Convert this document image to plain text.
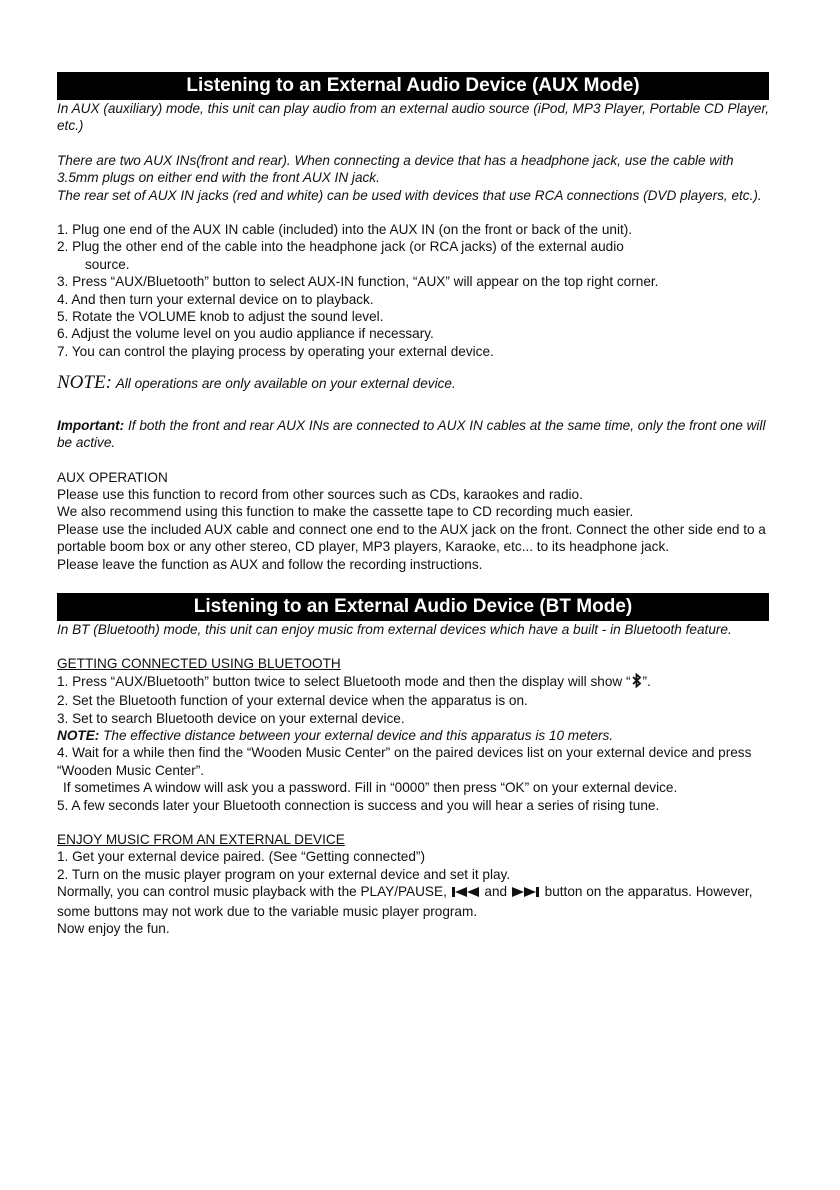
Listening to an External Audio Device (AUX Mode)

In AUX (auxiliary) mode, this unit can play audio from an external audio source (iPod, MP3 Player, Portable CD Player, etc.)

There are two AUX INs(front and rear). When connecting a device that has a headphone jack, use the cable with 3.5mm plugs on either end with the front AUX IN jack.

The rear set of AUX IN jacks (red and white) can be used with devices that use RCA connections (DVD players, etc.).

1. Plug one end of the AUX IN cable (included) into the AUX IN (on the front or back of the unit).

2. Plug the other end of the cable into the headphone jack (or RCA jacks) of the external audio

source.

3. Press “AUX/Bluetooth” button to select AUX-IN function, “AUX” will appear on the top right corner.

4. And then turn your external device on to playback.

5. Rotate the VOLUME knob to adjust the sound level.

6. Adjust the volume level on you audio appliance if necessary.

7. You can control the playing process by operating your external device.

NOTE: All operations are only available on your external device.

Important: If both the front and rear AUX INs are connected to AUX IN cables at the same time, only the front one will be active.

AUX OPERATION

Please use this function to record from other sources such as CDs, karaokes and radio.

We also recommend using this function to make the cassette tape to CD recording much easier.

Please use the included AUX cable and connect one end to the AUX jack on the front. Connect the other side end to a portable boom box or any other stereo, CD player, MP3 players, Karaoke, etc... to its headphone jack.

Please leave the function as AUX and follow the recording instructions.

Listening to an External Audio Device (BT Mode)

In BT (Bluetooth) mode, this unit can enjoy music from external devices which have a built - in Bluetooth feature.

GETTING CONNECTED USING BLUETOOTH

1. Press “AUX/Bluetooth” button twice to select Bluetooth mode and then the display will show “ ”.

2. Set the Bluetooth function of your external device when the apparatus is on.

3. Set to search Bluetooth device on your external device.

NOTE: The effective distance between your external device and this apparatus is 10 meters.

4. Wait for a while then find the “Wooden Music Center” on the paired devices list on your external device and press “Wooden Music Center”.

If sometimes A window will ask you a password. Fill in “0000” then press “OK” on your external device.

5. A few seconds later your Bluetooth connection is success and you will hear a series of rising tune.

ENJOY MUSIC FROM AN EXTERNAL DEVICE

1. Get your external device paired. (See “Getting connected”)

2. Turn on the music player program on your external device and set it play.

Normally, you can control music playback with the PLAY/PAUSE,	and	button on the apparatus. However, some buttons may not work due to the variable music player program.

Now enjoy the fun.
